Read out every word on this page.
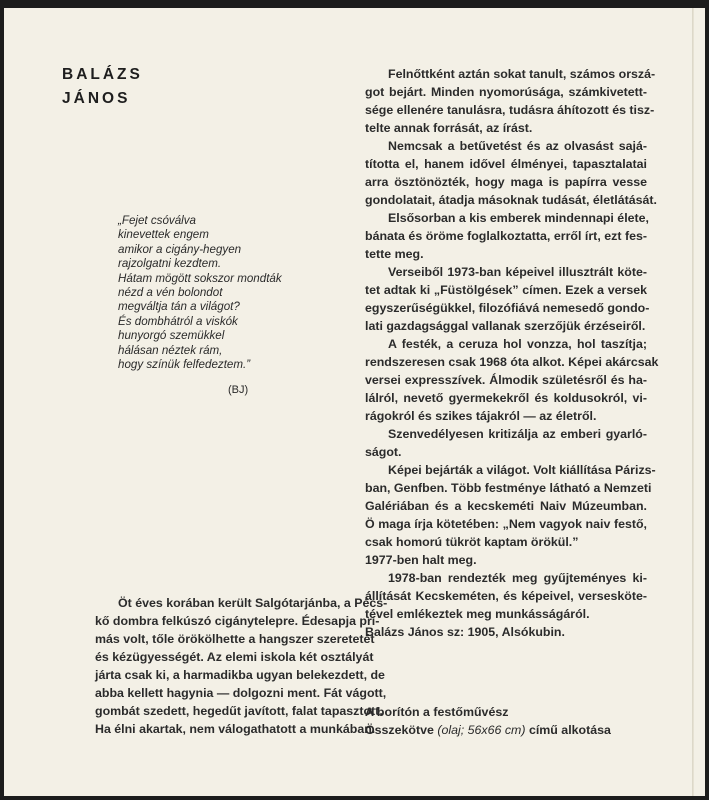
BALÁZS
JÁNOS
„Fejet csóválva
kinevettek engem
amikor a cigány-hegyen
rajzolgatni kezdtem.
Hátam mögött sokszor mondták
nézd a vén bolondot
megváltja tán a világot?
És dombhátról a viskók
hunyorgó szemükkel
hálásan néztek rám,
hogy színük felfedeztem.”
(BJ)
Öt éves korában került Salgótarjánba, a Pécs-
kő dombra felkúszó cigánytelepre. Édesapja prí-
más volt, tőle örökölhette a hangszer szeretetét
és kézügyességét. Az elemi iskola két osztályát
járta csak ki, a harmadikba ugyan belekezdett, de
abba kellett hagynia — dolgozni ment. Fát vágott,
gombát szedett, hegedűt javított, falat tapasztott.
Ha élni akartak, nem válogathatott a munkában.
Felnőttként aztán sokat tanult, számos orszá-
got bejárt. Minden nyomorúsága, számkivetett-
sége ellenére tanulásra, tudásra áhítozott és tisz-
telte annak forrását, az írást.
Nemcsak a betűvetést és az olvasást sajá-
tította el, hanem idővel élményei, tapasztalatai
arra ösztönözték, hogy maga is papírra vesse
gondolatait, átadja másoknak tudását, életlátását.
Elsősorban a kis emberek mindennapi élete,
bánata és öröme foglalkoztatta, erről írt, ezt fes-
tette meg.
Verseiből 1973-ban képeivel illusztrált köte-
tet adtak ki „Füstölgések” címen. Ezek a versek
egyszerűségükkel, filozófiává nemesedő gondo-
lati gazdagsággal vallanak szerzőjük érzéseiről.
A festék, a ceruza hol vonzza, hol taszítja;
rendszeresen csak 1968 óta alkot. Képei akárcsak
versei expresszívek. Álmodik születésről és ha-
lálról, nevető gyermekekről és koldusokról, vi-
rágokról és szikes tájakról — az életről.
Szenvedélyesen kritizálja az emberi gyarló-
ságot.
Képei bejárták a világot. Volt kiállítása Párizs-
ban, Genfben. Több festménye látható a Nemzeti
Galériában és a kecskeméti Naiv Múzeumban.
Ö maga írja kötetében: „Nem vagyok naiv festő,
csak homorú tükröt kaptam örökül.”
1977-ben halt meg.
1978-ban rendezték meg gyűjteményes ki-
állítását Kecskeméten, és képeivel, versesköte-
tével emlékeztek meg munkásságáról.
Balázs János sz: 1905, Alsókubin.
A borítón a festőművész
Összekötve (olaj; 56x66 cm) című alkotása
